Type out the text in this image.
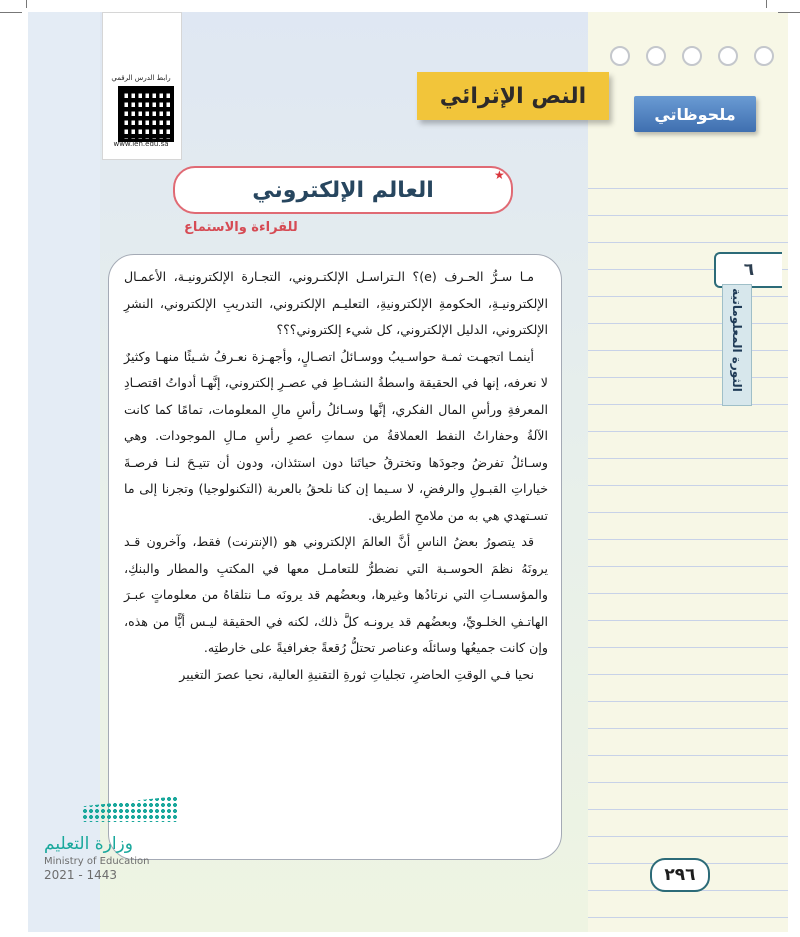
ملحوظاتي
٦
الثورة المعلوماتية
رابط الدرس الرقمي
www.ien.edu.sa
النص الإثرائي
العالم الإلكتروني
★
للقراءة والاستماع

مـا سـرُّ الحـرف (e)؟ الـتراسـل الإلكتـروني، التجـارة الإلكترونيـة، الأعمـال الإلكترونيـةِ، الحكومةِ الإلكترونيةِ، التعليـم الإلكتروني، التدريبِ الإلكتروني، النشرِ الإلكتروني، الدليل الإلكتروني، كل شيء إلكتروني؟؟؟

أينمـا اتجهـت ثمـة حواسـيبُ ووسـائلُ اتصـالٍ، وأجهـزة نعـرفُ شـيئًا منهـا وكثيرٌ لا نعرفه، إنها في الحقيقة واسطةُ النشـاطِ في عصـرِ إلكتروني، إنَّهـا أدواتُ اقتصـادِ المعرفةِ ورأسِ المال الفكري، إنَّها وسـائلُ رأسِ مالِ المعلومات، تمامًا كما كانت الآلةُ وحفاراتُ النفط العملاقةُ من سماتِ عصرِ رأسِ مـالِ الموجودات. وهي وسـائلُ تفرضُ وجودَها وتخترقُ حياتَنا دون استئذان، ودون أن تتيـحَ لنـا فرصـةَ خياراتِ القبـولِ والرفضِ، لا سـيما إن كنا نلحقُ بالعربة (التكنولوجيا) وتجرنا إلى ما تسـتهدي هي به من ملامحِ الطريق.

قد يتصورُ بعضُ الناسِ أنَّ العالمَ الإلكتروني هو (الإنترنت) فقط، وآخرون قـد يرونَهُ نظمَ الحوسـبة التي نضطرُّ للتعامـل معها في المكتبِ والمطار والبنكِ، والمؤسسـاتِ التي نرتادُها وغيرها، وبعضُهم قد يرونَه مـا نتلقاهُ من معلوماتٍ عبـرَ الهاتـفِ الخلـويِّ، وبعضُهم قد يرونـه كلَّ ذلك، لكنه في الحقيقة ليـس أيًّا من هذه، وإن كانت جميعُها وسائلَه وعناصر تحتلُّ رُقعةً جغرافيةً على خارطتِه.

نحيا فـي الوقتِ الحاضرِ، تجلياتِ ثورةِ التقنيةِ العالية، نحيا عصرَ التغيير

وزارة التعليم
Ministry of Education
2021 - 1443	٢٩٦
